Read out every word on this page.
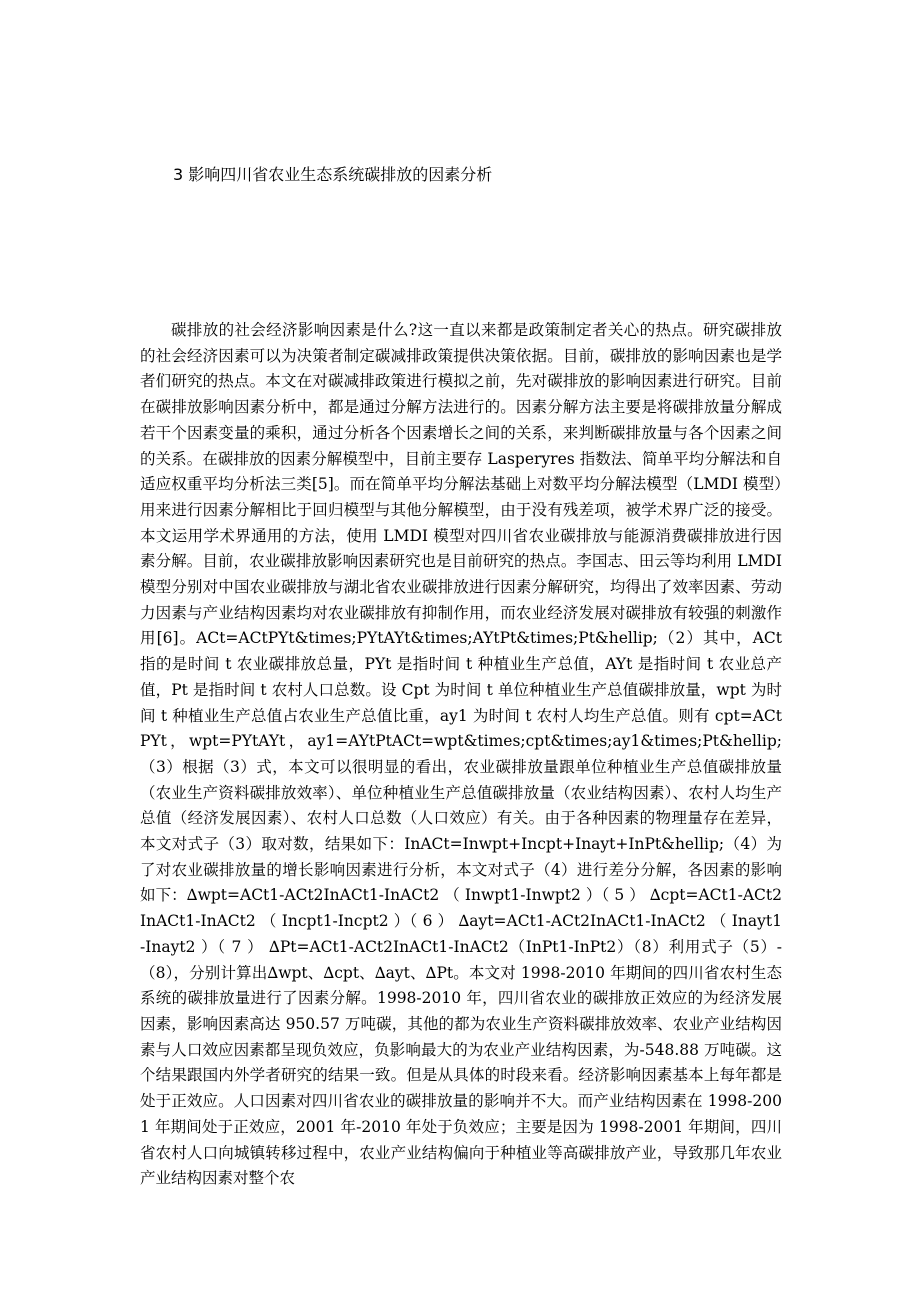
3 影响四川省农业生态系统碳排放的因素分析

碳排放的社会经济影响因素是什么?这一直以来都是政策制定者关心的热点。研究碳排放的社会经济因素可以为决策者制定碳减排政策提供决策依据。目前，碳排放的影响因素也是学者们研究的热点。本文在对碳减排政策进行模拟之前，先对碳排放的影响因素进行研究。目前在碳排放影响因素分析中，都是通过分解方法进行的。因素分解方法主要是将碳排放量分解成若干个因素变量的乘积，通过分析各个因素增长之间的关系，来判断碳排放量与各个因素之间的关系。在碳排放的因素分解模型中，目前主要存 Lasperyres 指数法、简单平均分解法和自适应权重平均分析法三类[5]。而在简单平均分解法基础上对数平均分解法模型（LMDI 模型）用来进行因素分解相比于回归模型与其他分解模型，由于没有残差项，被学术界广泛的接受。本文运用学术界通用的方法，使用 LMDI 模型对四川省农业碳排放与能源消费碳排放进行因素分解。目前，农业碳排放影响因素研究也是目前研究的热点。李国志、田云等均利用 LMDI 模型分别对中国农业碳排放与湖北省农业碳排放进行因素分解研究，均得出了效率因素、劳动力因素与产业结构因素均对农业碳排放有抑制作用，而农业经济发展对碳排放有较强的刺激作用[6]。ACt=ACtPYt&times;PYtAYt&times;AYtPt&times;Pt&hellip;（2）其中，ACt 指的是时间 t 农业碳排放总量，PYt 是指时间 t 种植业生产总值，AYt 是指时间 t 农业总产值，Pt 是指时间 t 农村人口总数。设 Cpt 为时间 t 单位种植业生产总值碳排放量，wpt 为时间 t 种植业生产总值占农业生产总值比重，ay1 为时间 t 农村人均生产总值。则有 cpt=ACtPYt，wpt=PYtAYt，ay1=AYtPtACt=wpt&times;cpt&times;ay1&times;Pt&hellip;（3）根据（3）式，本文可以很明显的看出，农业碳排放量跟单位种植业生产总值碳排放量（农业生产资料碳排放效率）、单位种植业生产总值碳排放量（农业结构因素）、农村人均生产总值（经济发展因素）、农村人口总数（人口效应）有关。由于各种因素的物理量存在差异，本文对式子（3）取对数，结果如下：InACt=Inwpt+Incpt+Inayt+InPt&hellip;（4）为了对农业碳排放量的增长影响因素进行分析，本文对式子（4）进行差分分解，各因素的影响如下：∆wpt=ACt1-ACt2InACt1-InACt2 （ Inwpt1-Inwpt2 ）（ 5 ） ∆cpt=ACt1-ACt2InACt1-InACt2 （ Incpt1-Incpt2 ）（ 6 ） ∆ayt=ACt1-ACt2InACt1-InACt2 （ Inayt1-Inayt2 ）（ 7 ） ∆Pt=ACt1-ACt2InACt1-InACt2（InPt1-InPt2）（8）利用式子（5）-（8），分别计算出∆wpt、∆cpt、∆ayt、∆Pt。本文对 1998-2010 年期间的四川省农村生态系统的碳排放量进行了因素分解。1998-2010 年，四川省农业的碳排放正效应的为经济发展因素，影响因素高达 950.57 万吨碳，其他的都为农业生产资料碳排放效率、农业产业结构因素与人口效应因素都呈现负效应，负影响最大的为农业产业结构因素，为-548.88 万吨碳。这个结果跟国内外学者研究的结果一致。但是从具体的时段来看。经济影响因素基本上每年都是处于正效应。人口因素对四川省农业的碳排放量的影响并不大。而产业结构因素在 1998-2001 年期间处于正效应，2001 年-2010 年处于负效应；主要是因为 1998-2001 年期间，四川省农村人口向城镇转移过程中，农业产业结构偏向于种植业等高碳排放产业，导致那几年农业产业结构因素对整个农
